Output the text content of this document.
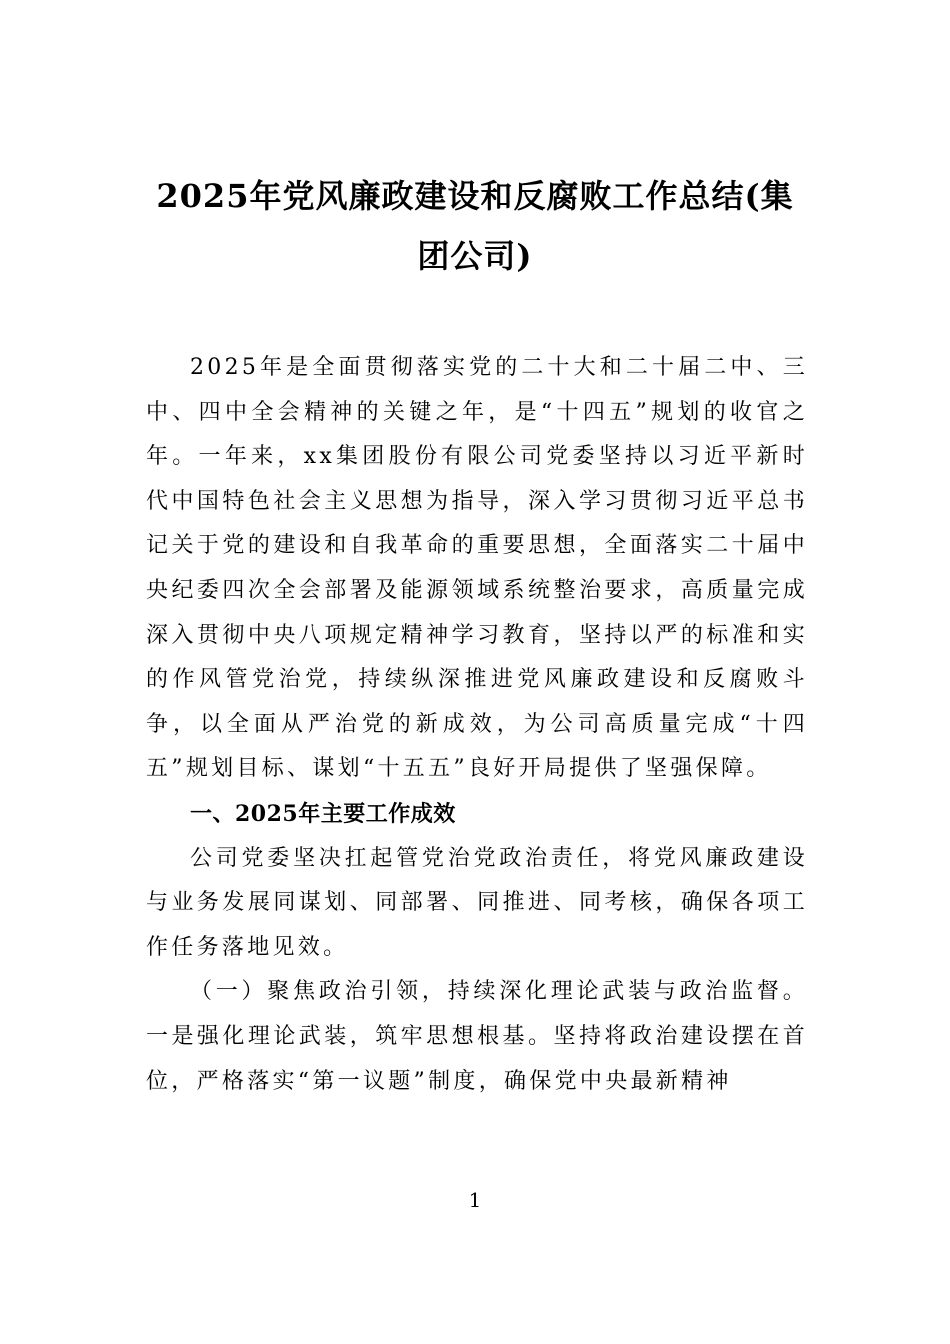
2025年党风廉政建设和反腐败工作总结(集团公司)

2025年是全面贯彻落实党的二十大和二十届二中、三中、四中全会精神的关键之年，是“十四五”规划的收官之年。一年来，xx集团股份有限公司党委坚持以习近平新时代中国特色社会主义思想为指导，深入学习贯彻习近平总书记关于党的建设和自我革命的重要思想，全面落实二十届中央纪委四次全会部署及能源领域系统整治要求，高质量完成深入贯彻中央八项规定精神学习教育，坚持以严的标准和实的作风管党治党，持续纵深推进党风廉政建设和反腐败斗争，以全面从严治党的新成效，为公司高质量完成“十四五”规划目标、谋划“十五五”良好开局提供了坚强保障。

一、2025年主要工作成效

公司党委坚决扛起管党治党政治责任，将党风廉政建设与业务发展同谋划、同部署、同推进、同考核，确保各项工作任务落地见效。

（一）聚焦政治引领，持续深化理论武装与政治监督。一是强化理论武装，筑牢思想根基。坚持将政治建设摆在首位，严格落实“第一议题”制度，确保党中央最新精神

1
